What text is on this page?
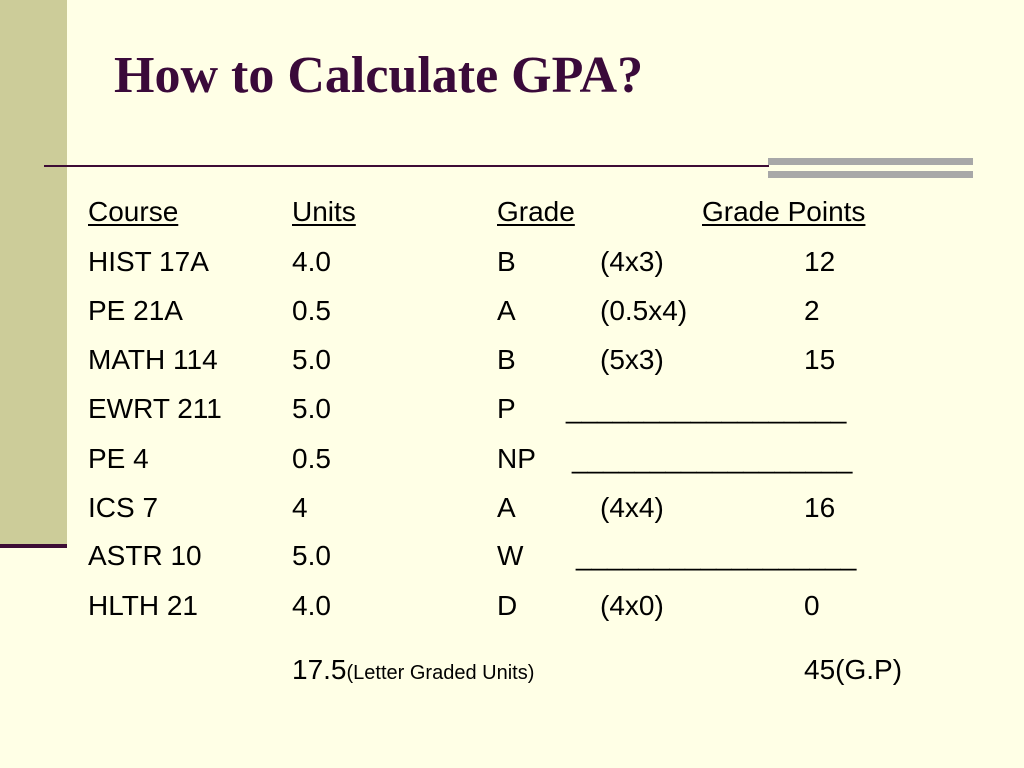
How to Calculate GPA?
Course	Units	Grade	Grade Points
HIST 17A	4.0	B	(4x3)	12
PE 21A	0.5	A	(0.5x4)	2
MATH 114	5.0	B	(5x3)	15
EWRT 211	5.0	P __________________
PE 4	0.5	NP __________________
ICS 7	4	A	(4x4)	16
ASTR 10	5.0	W __________________
HLTH 21	4.0	D	(4x0)	0
17.5(Letter Graded Units)	45(G.P)
